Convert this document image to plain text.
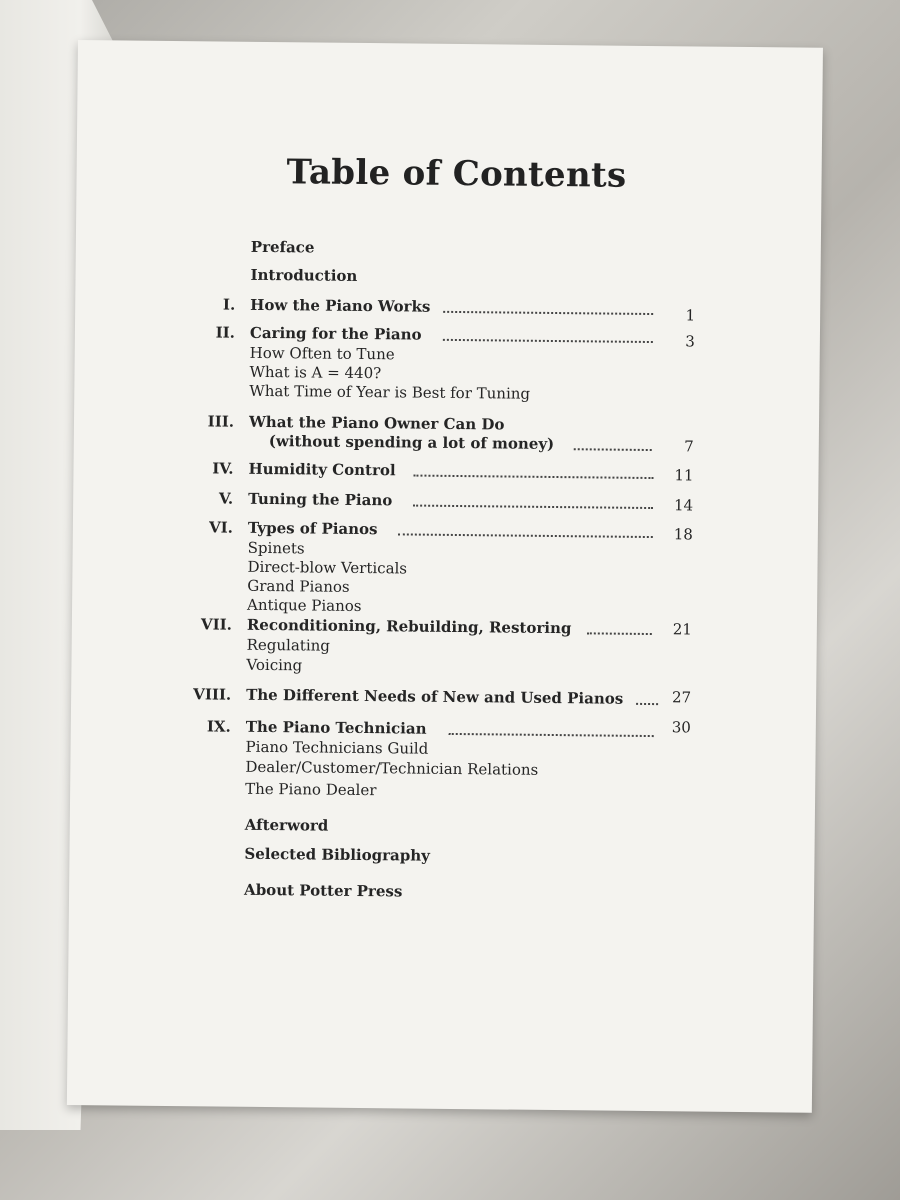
Table of Contents
Preface
Introduction
I. How the Piano Works	1
II. Caring for the Piano	3
How Often to Tune
What is A = 440?
What Time of Year is Best for Tuning
III. What the Piano Owner Can Do
(without spending a lot of money)	7
IV. Humidity Control	11
V. Tuning the Piano	14
VI. Types of Pianos	18
Spinets
Direct-blow Verticals
Grand Pianos
Antique Pianos
VII. Reconditioning, Rebuilding, Restoring	21
Regulating
Voicing
VIII. The Different Needs of New and Used Pianos	27
IX. The Piano Technician	30
Piano Technicians Guild
Dealer/Customer/Technician Relations
The Piano Dealer
Afterword
Selected Bibliography
About Potter Press
